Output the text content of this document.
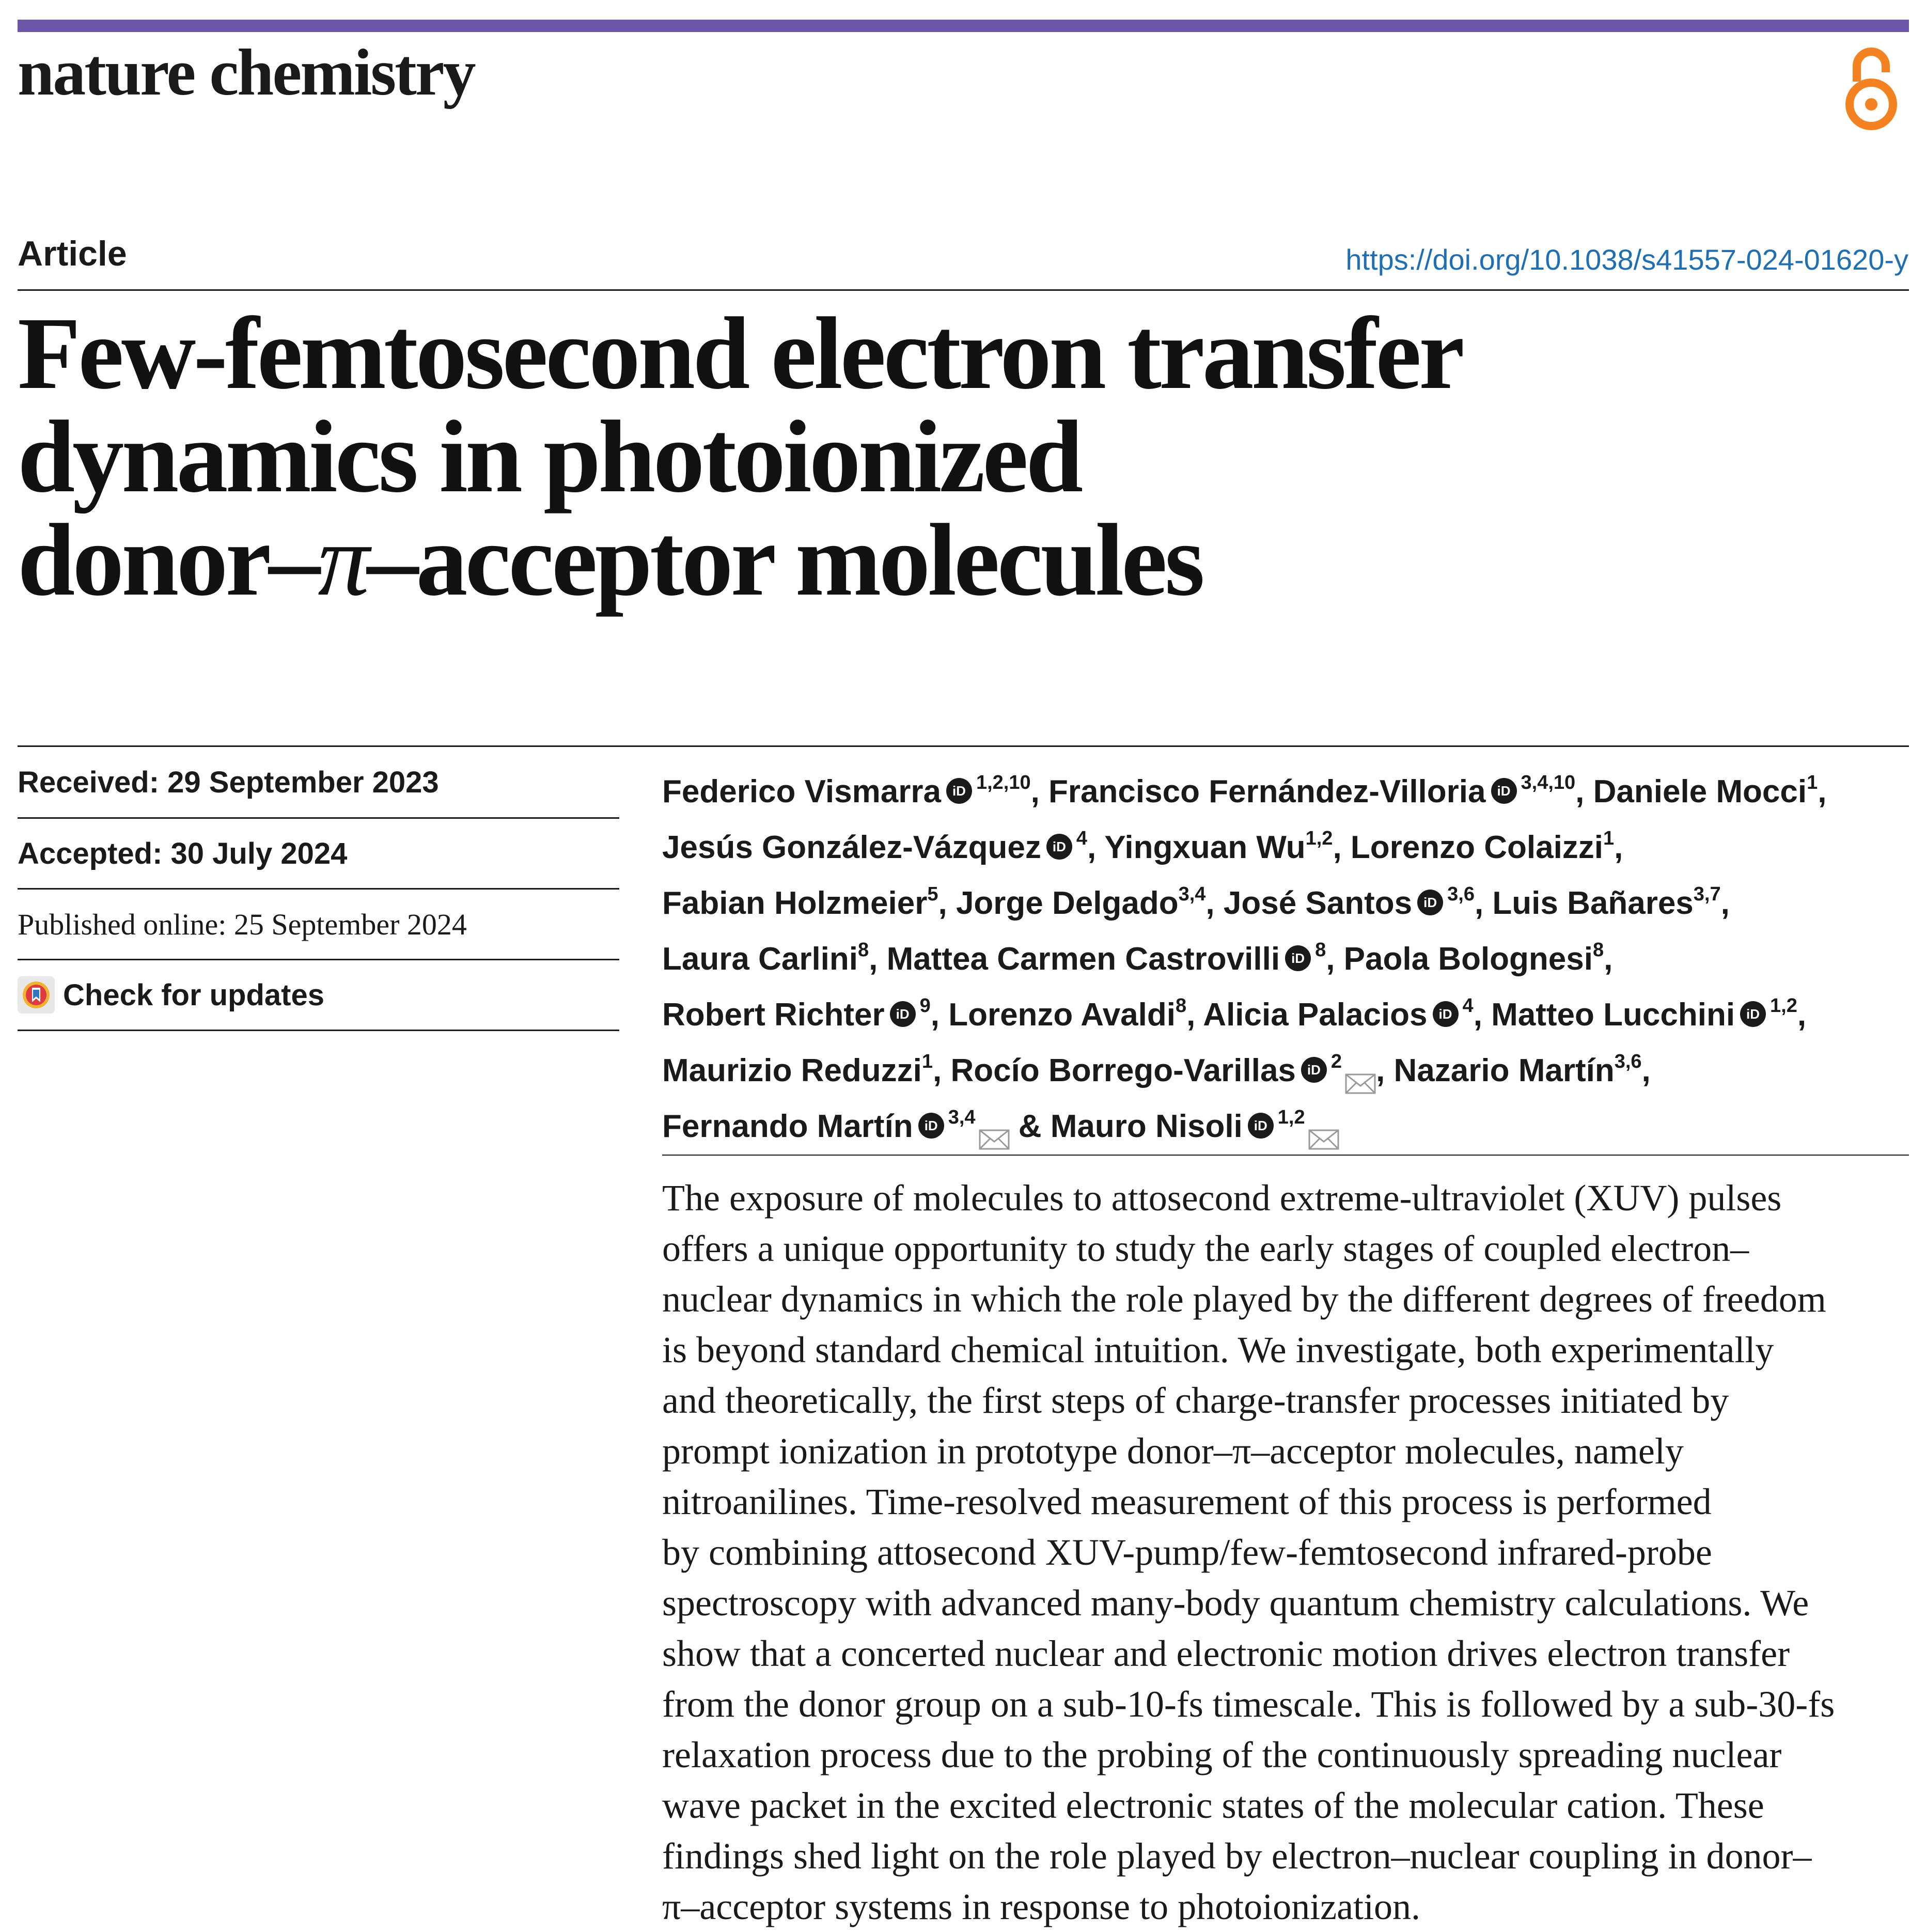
nature chemistry
Article	https://doi.org/10.1038/s41557-024-01620-y
Few-femtosecond electron transfer
dynamics in photoionized
donor–π–acceptor molecules
Received: 29 September 2023
Accepted: 30 July 2024
Published online: 25 September 2024
Check for updates
Federico Vismarra iD $^{1,2,10}$, Francisco Fernández-Villoria iD $^{3,4,10}$, Daniele Mocci$^1$,
Jesús González-Vázquez iD $^4$, Yingxuan Wu$^{1,2}$, Lorenzo Colaizzi$^1$,
Fabian Holzmeier$^5$, Jorge Delgado$^{3,4}$, José Santos iD $^{3,6}$, Luis Bañares$^{3,7}$,
Laura Carlini$^8$, Mattea Carmen Castrovilli iD $^8$, Paola Bolognesi$^8$,
Robert Richter iD $^9$, Lorenzo Avaldi$^8$, Alicia Palacios iD $^4$, Matteo Lucchini iD $^{1,2}$,
Maurizio Reduzzi$^1$, Rocío Borrego-Varillas iD $^2$ , Nazario Martín$^{3,6}$,
Fernando Martín iD $^{3,4}$ & Mauro Nisoli iD $^{1,2}$
The exposure of molecules to attosecond extreme-ultraviolet (XUV) pulses
offers a unique opportunity to study the early stages of coupled electron–
nuclear dynamics in which the role played by the different degrees of freedom
is beyond standard chemical intuition. We investigate, both experimentally
and theoretically, the first steps of charge-transfer processes initiated by
prompt ionization in prototype donor–π–acceptor molecules, namely
nitroanilines. Time-resolved measurement of this process is performed
by combining attosecond XUV-pump/few-femtosecond infrared-probe
spectroscopy with advanced many-body quantum chemistry calculations. We
show that a concerted nuclear and electronic motion drives electron transfer
from the donor group on a sub-10-fs timescale. This is followed by a sub-30-fs
relaxation process due to the probing of the continuously spreading nuclear
wave packet in the excited electronic states of the molecular cation. These
findings shed light on the role played by electron–nuclear coupling in donor–
π–acceptor systems in response to photoionization.
